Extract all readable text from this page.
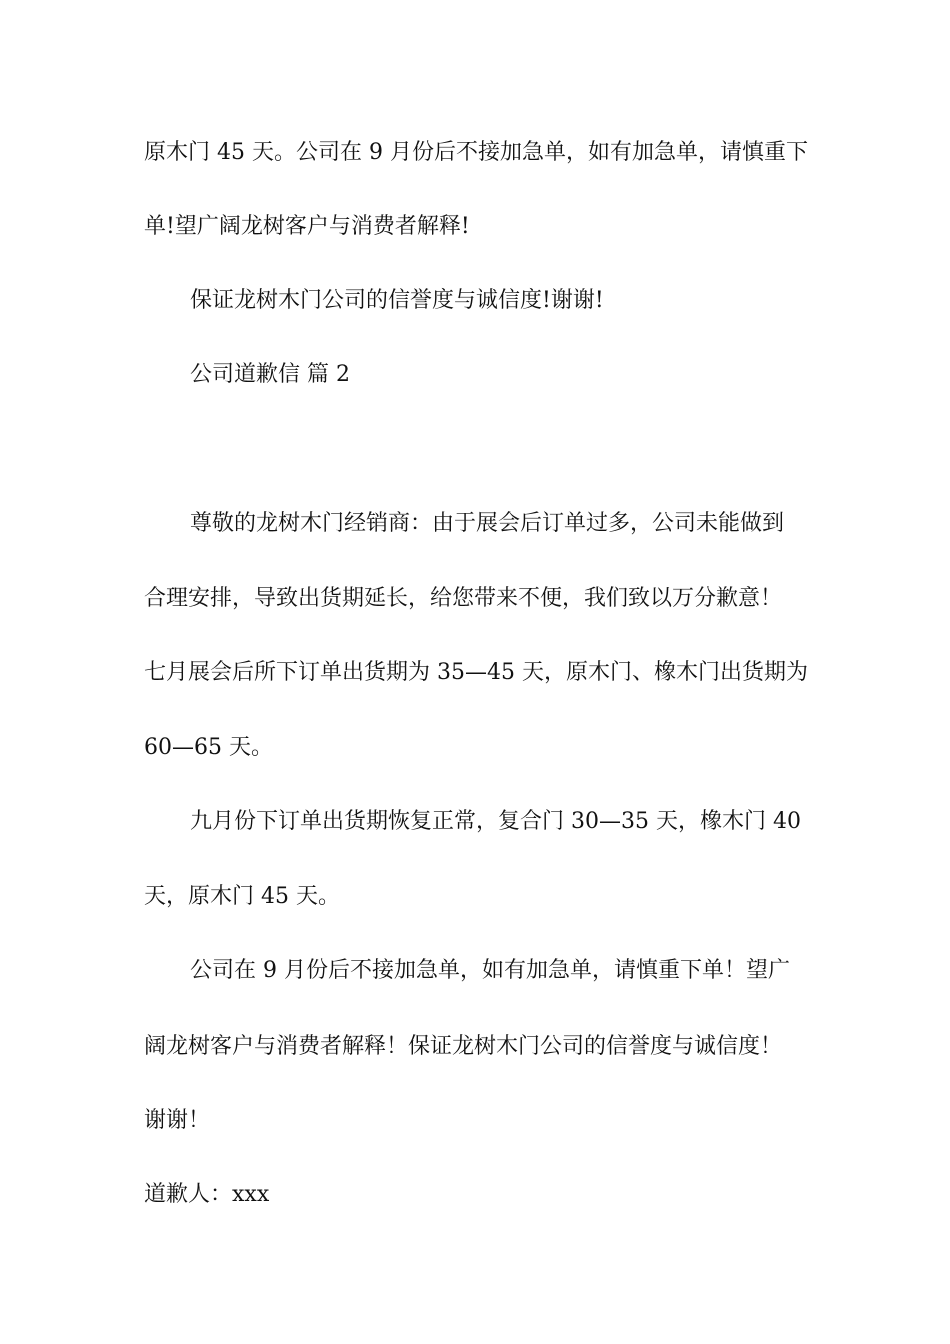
原木门 45 天。公司在 9 月份后不接加急单，如有加急单，请慎重下
单!望广阔龙树客户与消费者解释!
保证龙树木门公司的信誉度与诚信度!谢谢!
公司道歉信 篇 2
尊敬的龙树木门经销商：由于展会后订单过多，公司未能做到
合理安排，导致出货期延长，给您带来不便，我们致以万分歉意！
七月展会后所下订单出货期为 35—45 天，原木门、橡木门出货期为
60—65 天。
九月份下订单出货期恢复正常，复合门 30—35 天，橡木门 40
天，原木门 45 天。
公司在 9 月份后不接加急单，如有加急单，请慎重下单！望广
阔龙树客户与消费者解释！保证龙树木门公司的信誉度与诚信度！
谢谢！
道歉人：xxx
